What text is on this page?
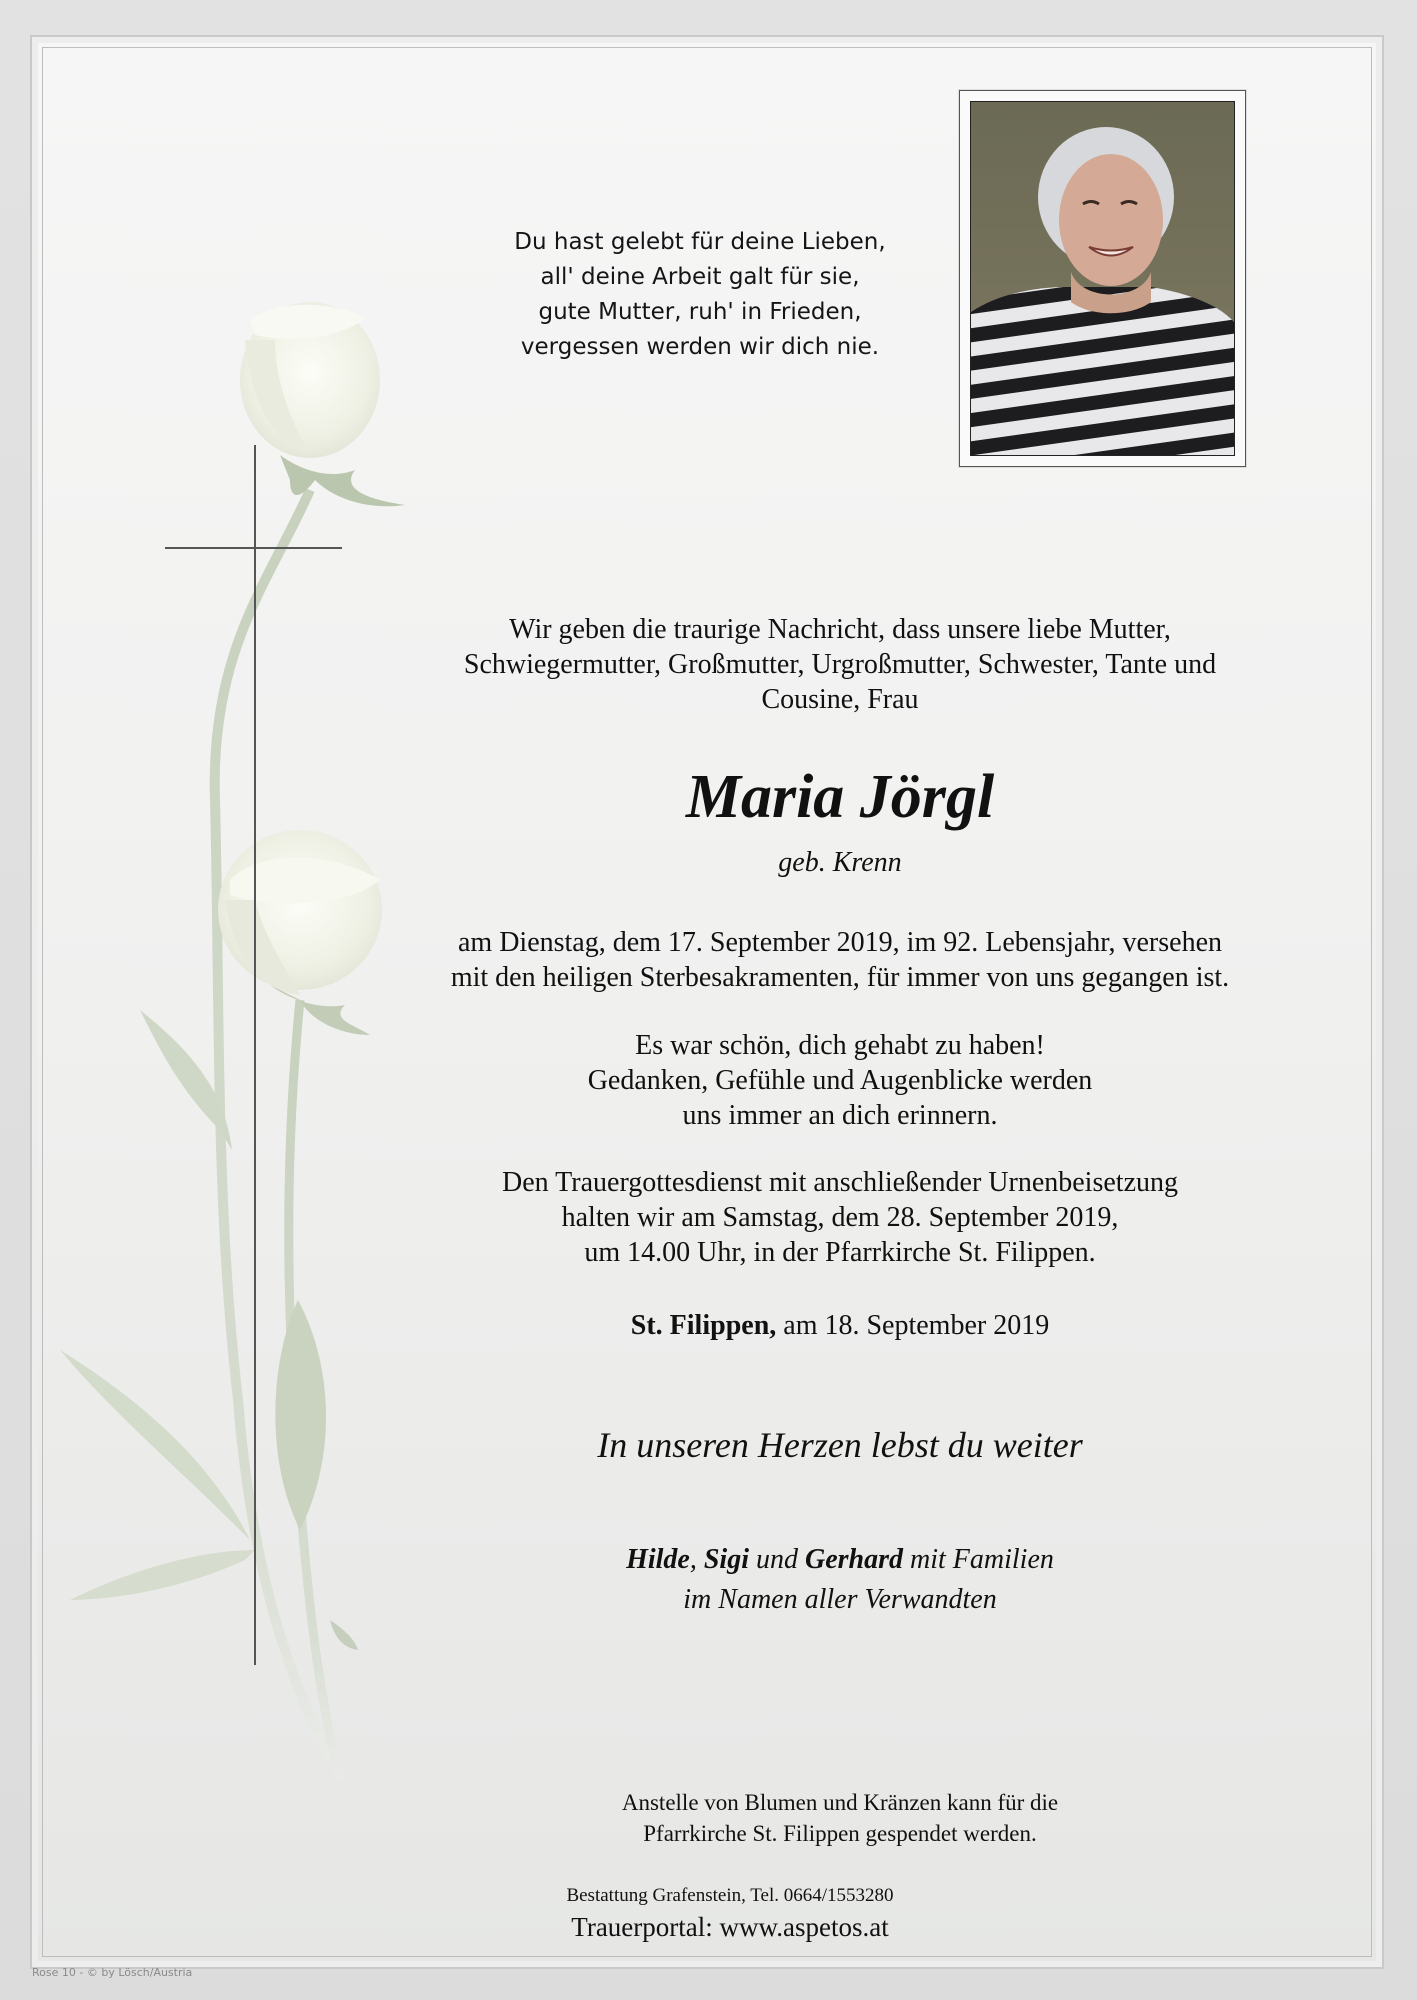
Du hast gelebt für deine Lieben,
all' deine Arbeit galt für sie,
gute Mutter, ruh' in Frieden,
vergessen werden wir dich nie.
Wir geben die traurige Nachricht, dass unsere liebe Mutter,
Schwiegermutter, Großmutter, Urgroßmutter, Schwester, Tante und
Cousine, Frau
Maria Jörgl
geb. Krenn
am Dienstag, dem 17. September 2019, im 92. Lebensjahr, versehen
mit den heiligen Sterbesakramenten, für immer von uns gegangen ist.
Es war schön, dich gehabt zu haben!
Gedanken, Gefühle und Augenblicke werden
uns immer an dich erinnern.
Den Trauergottesdienst mit anschließender Urnenbeisetzung
halten wir am Samstag, dem 28. September 2019,
um 14.00 Uhr, in der Pfarrkirche St. Filippen.
St. Filippen, am 18. September 2019
In unseren Herzen lebst du weiter
Hilde, Sigi und Gerhard mit Familien
im Namen aller Verwandten
Anstelle von Blumen und Kränzen kann für die
Pfarrkirche St. Filippen gespendet werden.
Bestattung Grafenstein, Tel. 0664/1553280
Trauerportal: www.aspetos.at
Rose 10 - © by Lösch/Austria
